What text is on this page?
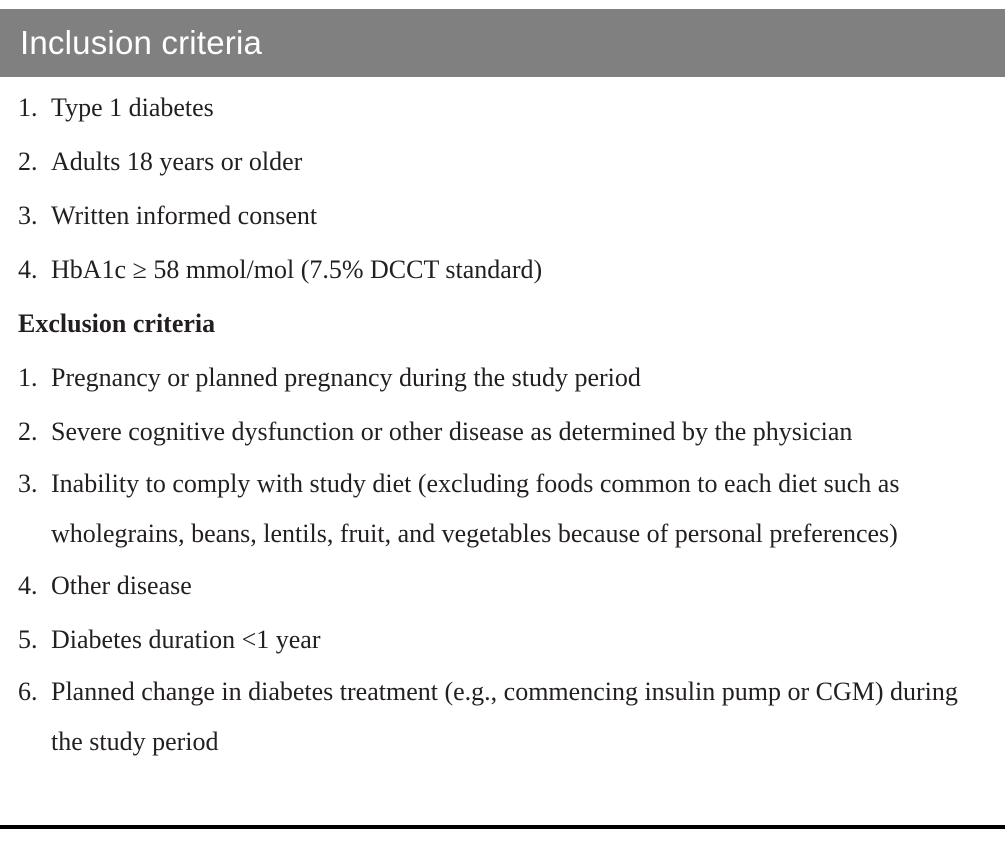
Inclusion criteria
1. Type 1 diabetes
2. Adults 18 years or older
3. Written informed consent
4. HbA1c ≥ 58 mmol/mol (7.5% DCCT standard)
Exclusion criteria
1. Pregnancy or planned pregnancy during the study period
2. Severe cognitive dysfunction or other disease as determined by the physician
3. Inability to comply with study diet (excluding foods common to each diet such as wholegrains, beans, lentils, fruit, and vegetables because of personal preferences)
4. Other disease
5. Diabetes duration <1 year
6. Planned change in diabetes treatment (e.g., commencing insulin pump or CGM) during the study period
